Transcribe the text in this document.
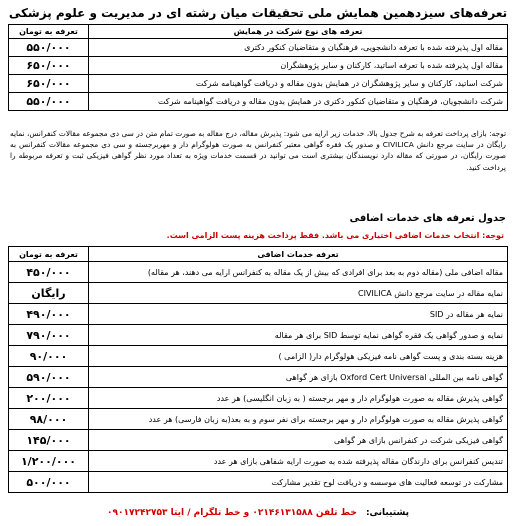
تعرفه‌های سیزدهمین همایش ملی تحقیقات میان رشته ای در مدیریت و علوم پزشکی
تعرفه های نوع شرکت در همایش	تعرفه به تومان
مقاله اول پذیرفته شده با تعرفه دانشجویی، فرهنگیان و متقاضیان کنکور دکتری	۵۵۰/۰۰۰
مقاله اول پذیرفته شده با تعرفه اساتید، کارکنان و سایر پژوهشگران	۶۵۰/۰۰۰
شرکت اساتید، کارکنان و سایر پژوهشگران در همایش بدون مقاله و دریافت گواهینامه شرکت	۶۵۰/۰۰۰
شرکت دانشجویان، فرهنگیان و متقاضیان کنکور دکتری در همایش بدون مقاله و دریافت گواهینامه شرکت	۵۵۰/۰۰۰
توجه: بازای پرداخت تعرفه به شرح جدول بالا، خدمات زیر ارایه می شود: پذیرش مقاله، درج مقاله به صورت تمام متن در سی دی مجموعه مقالات کنفرانس، نمایه رایگان در سایت مرجع دانش CIVILICA و صدور یک فقره گواهی معتبر کنفرانس به صورت هولوگرام دار و مهربرجسته و سی دی مجموعه مقالات کنفرانس به صورت رایگان، در صورتی که مقاله دارد نویسندگان بیشتری است می توانید در قسمت خدمات ویژه به تعداد مورد نظر گواهی فیزیکی ثبت و تعرفه مربوطه را پرداخت کنید.
جدول تعرفه های خدمات اضافی
توجه: انتخاب خدمات اضافی اختیاری می باشد. فقط پرداخت هزینه پست الزامی است.
تعرفه خدمات اضافی	تعرفه به تومان
مقاله اضافی ملی (مقاله دوم به بعد برای افرادی که بیش از یک مقاله به کنفرانس ارایه می دهند، هر مقاله)	۴۵۰/۰۰۰
نمایه مقاله در سایت مرجع دانش CIVILICA	رایگان
نمایه هر مقاله در SID	۴۹۰/۰۰۰
نمایه و صدور گواهی یک فقره گواهی نمایه توسط SID برای هر مقاله	۷۹۰/۰۰۰
هزینه بسته بندی و پست گواهی نامه فیزیکی هولوگرام دار( الزامی )	۹۰/۰۰۰
گواهی نامه بین المللی Oxford Cert Universal بازای هر گواهی	۵۹۰/۰۰۰
گواهی پذیرش مقاله به صورت هولوگرام دار و مهر برجسته ( به زبان انگلیسی) هر عدد	۲۰۰/۰۰۰
گواهی پذیرش مقاله به صورت هولوگرام دار و مهر برجسته برای نفر سوم و به بعد(به زبان فارسی) هر عدد	۹۸/۰۰۰
گواهی فیزیکی شرکت در کنفرانس بازای هر گواهی	۱۴۵/۰۰۰
تندیس کنفرانس برای دارندگان مقاله پذیرفته شده به صورت ارایه شفاهی بازای هر عدد	۱/۲۰۰/۰۰۰
مشارکت در توسعه فعالیت های موسسه و دریافت لوح تقدیر مشارکت	۵۰۰/۰۰۰
پشتیبانی: خط تلفن ۰۲۱۴۶۱۳۱۵۸۸ و خط تلگرام / ایتا ۰۹۰۱۷۲۴۲۷۵۳
